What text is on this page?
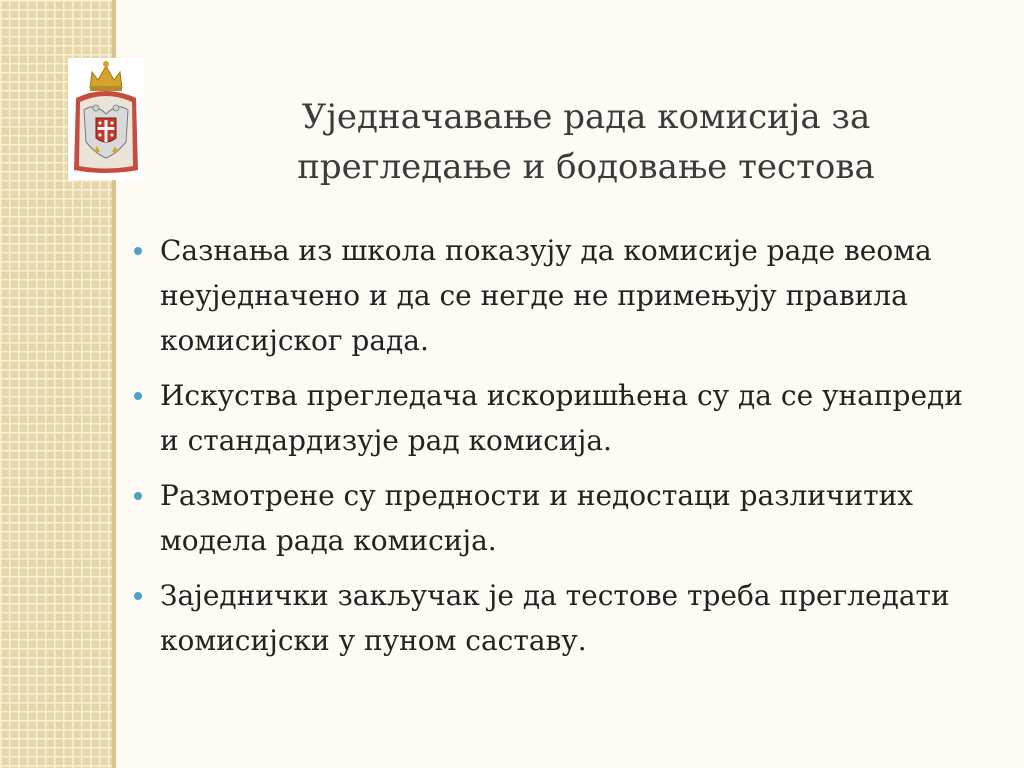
Уједначавање рада комисија за прегледање и бодовање тестова
Сазнања из школа показују да комисије раде веома неуједначено и да се негде не примењују правила комисијског рада.
Искуства прегледача искоришћена су да се унапреди и стандардизује рад комисија.
Размотрене су предности и недостаци различитих модела рада комисија.
Заједнички закључак је да тестове треба прегледати комисијски у пуном саставу.
